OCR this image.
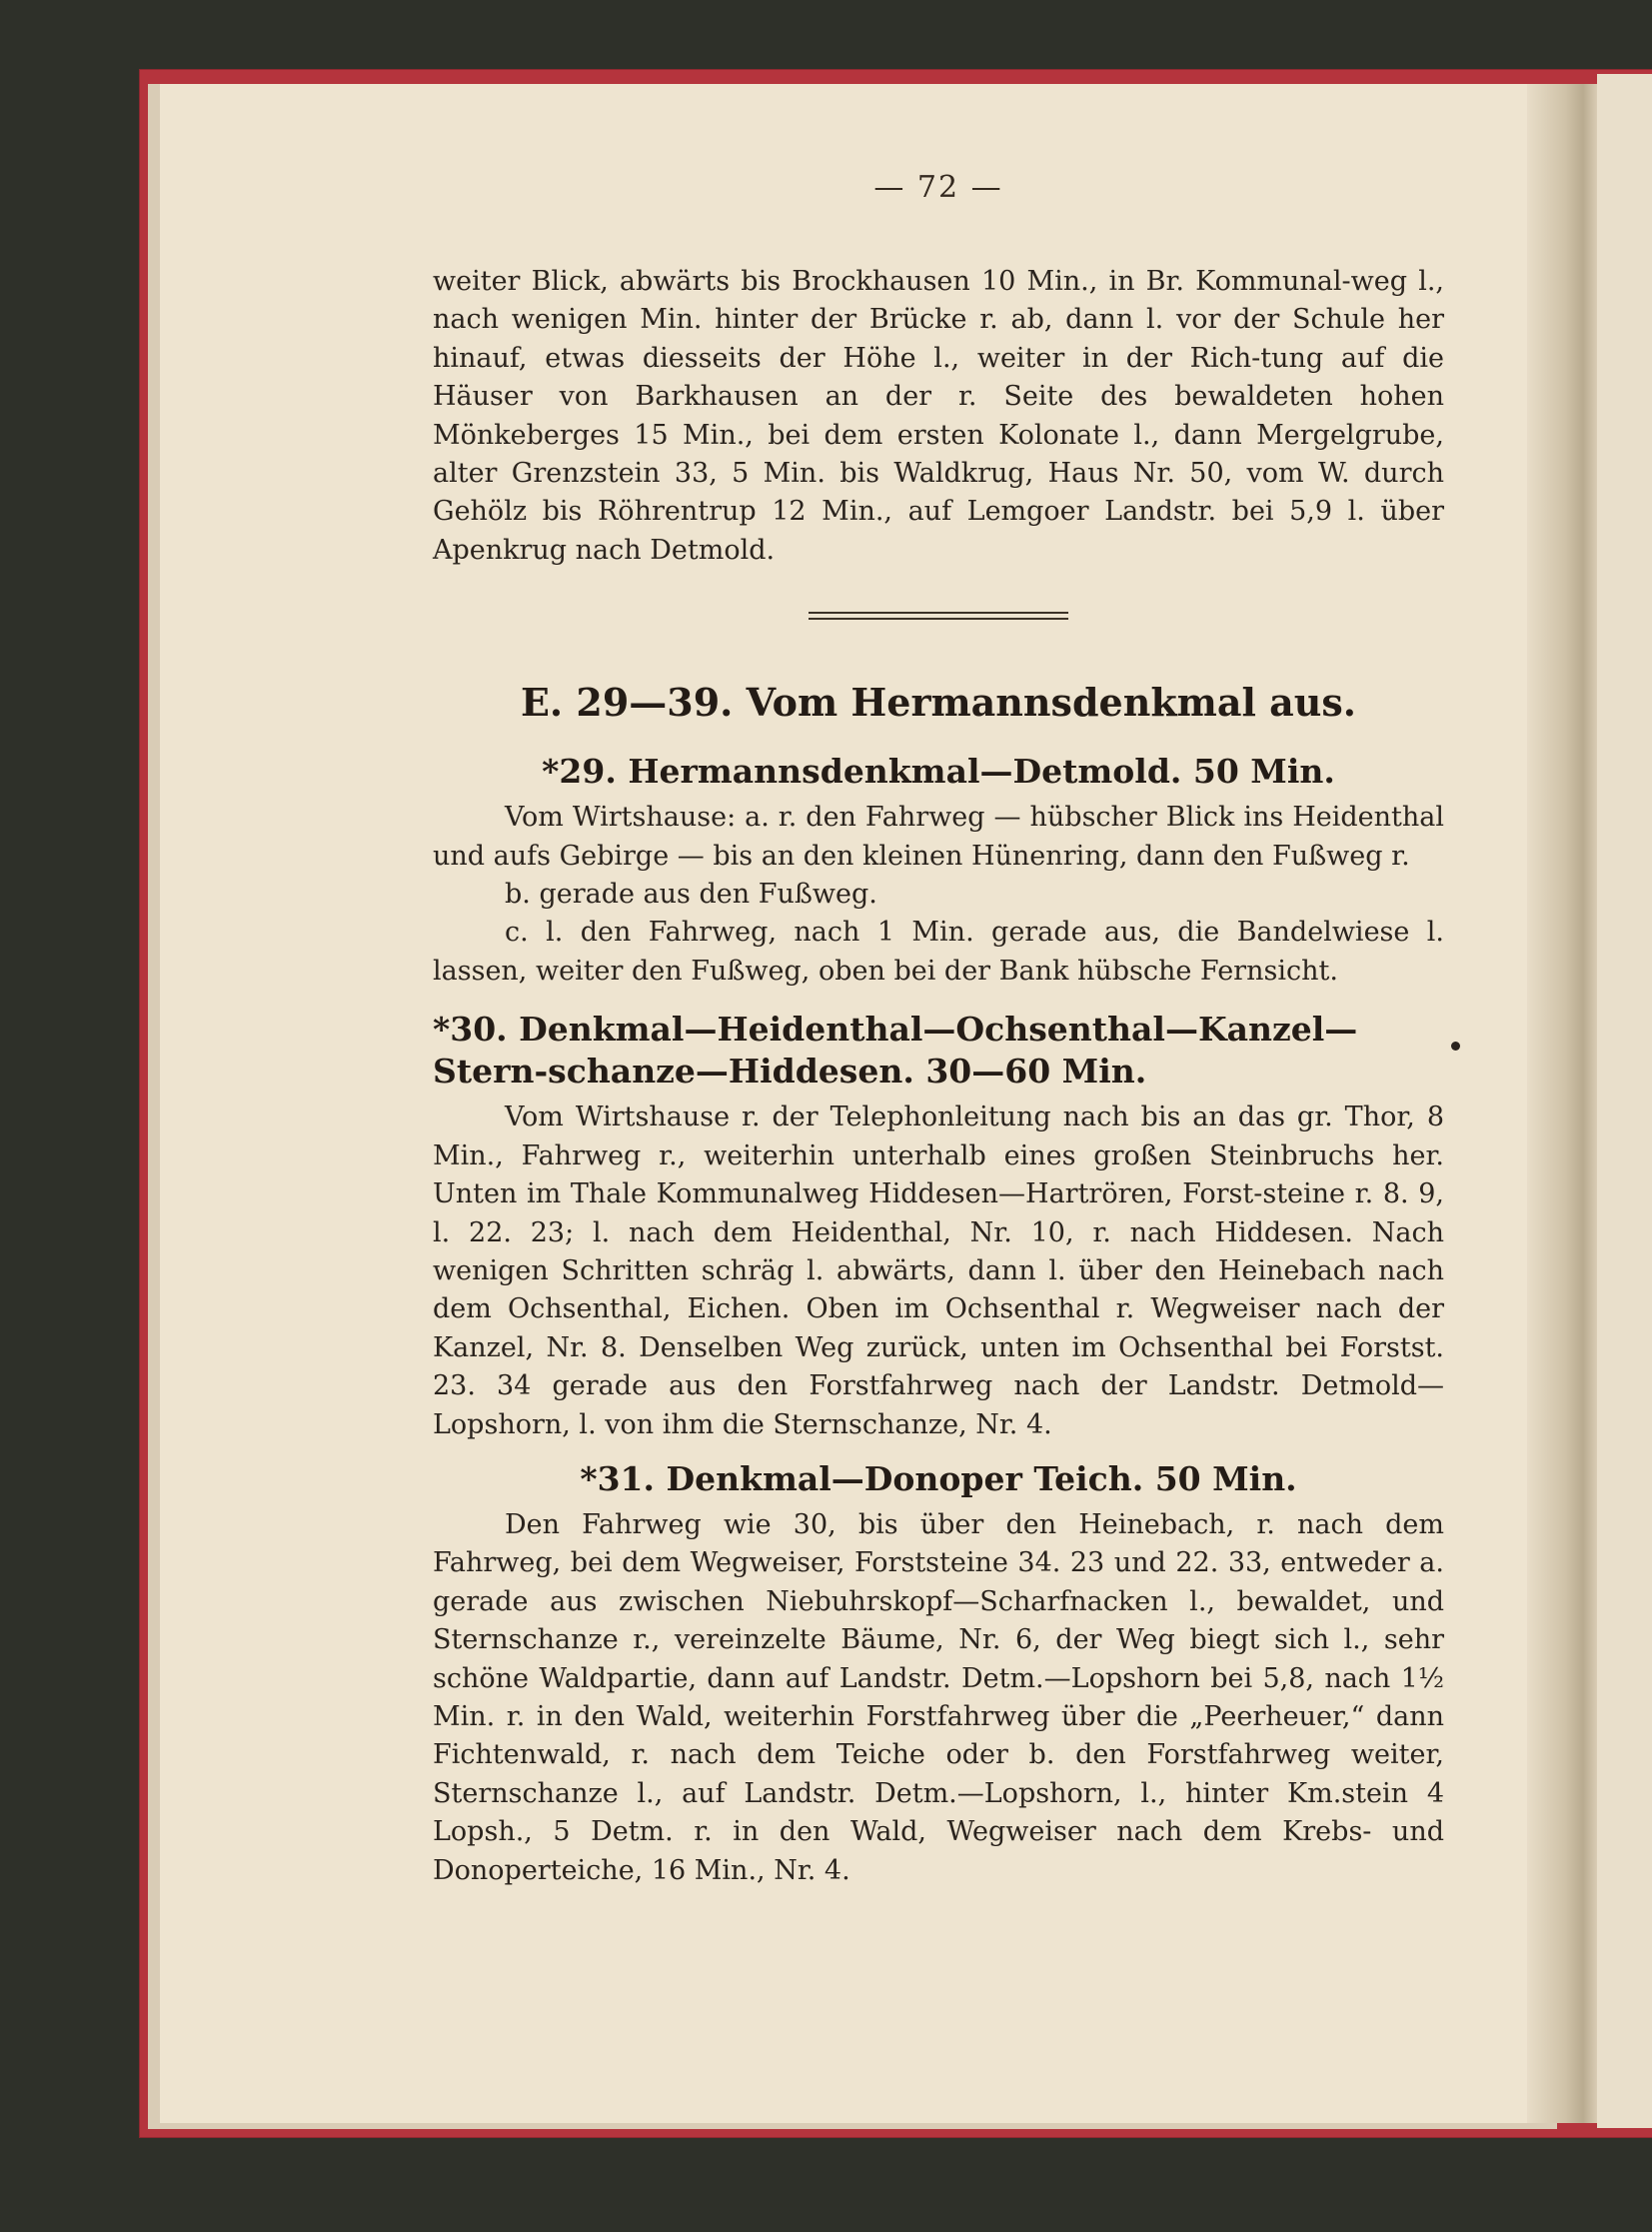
— 72 —

weiter Blick, abwärts bis Brockhausen 10 Min., in Br. Kommunal-weg l., nach wenigen Min. hinter der Brücke r. ab, dann l. vor der Schule her hinauf, etwas diesseits der Höhe l., weiter in der Rich-tung auf die Häuser von Barkhausen an der r. Seite des bewaldeten hohen Mönkeberges 15 Min., bei dem ersten Kolonate l., dann Mergelgrube, alter Grenzstein 33, 5 Min. bis Waldkrug, Haus Nr. 50, vom W. durch Gehölz bis Röhrentrup 12 Min., auf Lemgoer Landstr. bei 5,9 l. über Apenkrug nach Detmold.

E. 29—39. Vom Hermannsdenkmal aus.
*29. Hermannsdenkmal—Detmold. 50 Min.

Vom Wirtshause: a. r. den Fahrweg — hübscher Blick ins Heidenthal und aufs Gebirge — bis an den kleinen Hünenring, dann den Fußweg r.

b. gerade aus den Fußweg.

c. l. den Fahrweg, nach 1 Min. gerade aus, die Bandelwiese l. lassen, weiter den Fußweg, oben bei der Bank hübsche Fernsicht.

*30. Denkmal—Heidenthal—Ochsenthal—Kanzel—Stern-schanze—Hiddesen. 30—60 Min.

Vom Wirtshause r. der Telephonleitung nach bis an das gr. Thor, 8 Min., Fahrweg r., weiterhin unterhalb eines großen Steinbruchs her. Unten im Thale Kommunalweg Hiddesen—Hartrören, Forst-steine r. 8. 9, l. 22. 23; l. nach dem Heidenthal, Nr. 10, r. nach Hiddesen. Nach wenigen Schritten schräg l. abwärts, dann l. über den Heinebach nach dem Ochsenthal, Eichen. Oben im Ochsenthal r. Wegweiser nach der Kanzel, Nr. 8. Denselben Weg zurück, unten im Ochsenthal bei Forstst. 23. 34 gerade aus den Forstfahrweg nach der Landstr. Detmold—Lopshorn, l. von ihm die Sternschanze, Nr. 4.

*31. Denkmal—Donoper Teich. 50 Min.

Den Fahrweg wie 30, bis über den Heinebach, r. nach dem Fahrweg, bei dem Wegweiser, Forststeine 34. 23 und 22. 33, entweder a. gerade aus zwischen Niebuhrskopf—Scharfnacken l., bewaldet, und Sternschanze r., vereinzelte Bäume, Nr. 6, der Weg biegt sich l., sehr schöne Waldpartie, dann auf Landstr. Detm.—Lopshorn bei 5,8, nach 1½ Min. r. in den Wald, weiterhin Forstfahrweg über die „Peerheuer,“ dann Fichtenwald, r. nach dem Teiche oder b. den Forstfahrweg weiter, Sternschanze l., auf Landstr. Detm.—Lopshorn, l., hinter Km.stein 4 Lopsh., 5 Detm. r. in den Wald, Wegweiser nach dem Krebs- und Donoperteiche, 16 Min., Nr. 4.
